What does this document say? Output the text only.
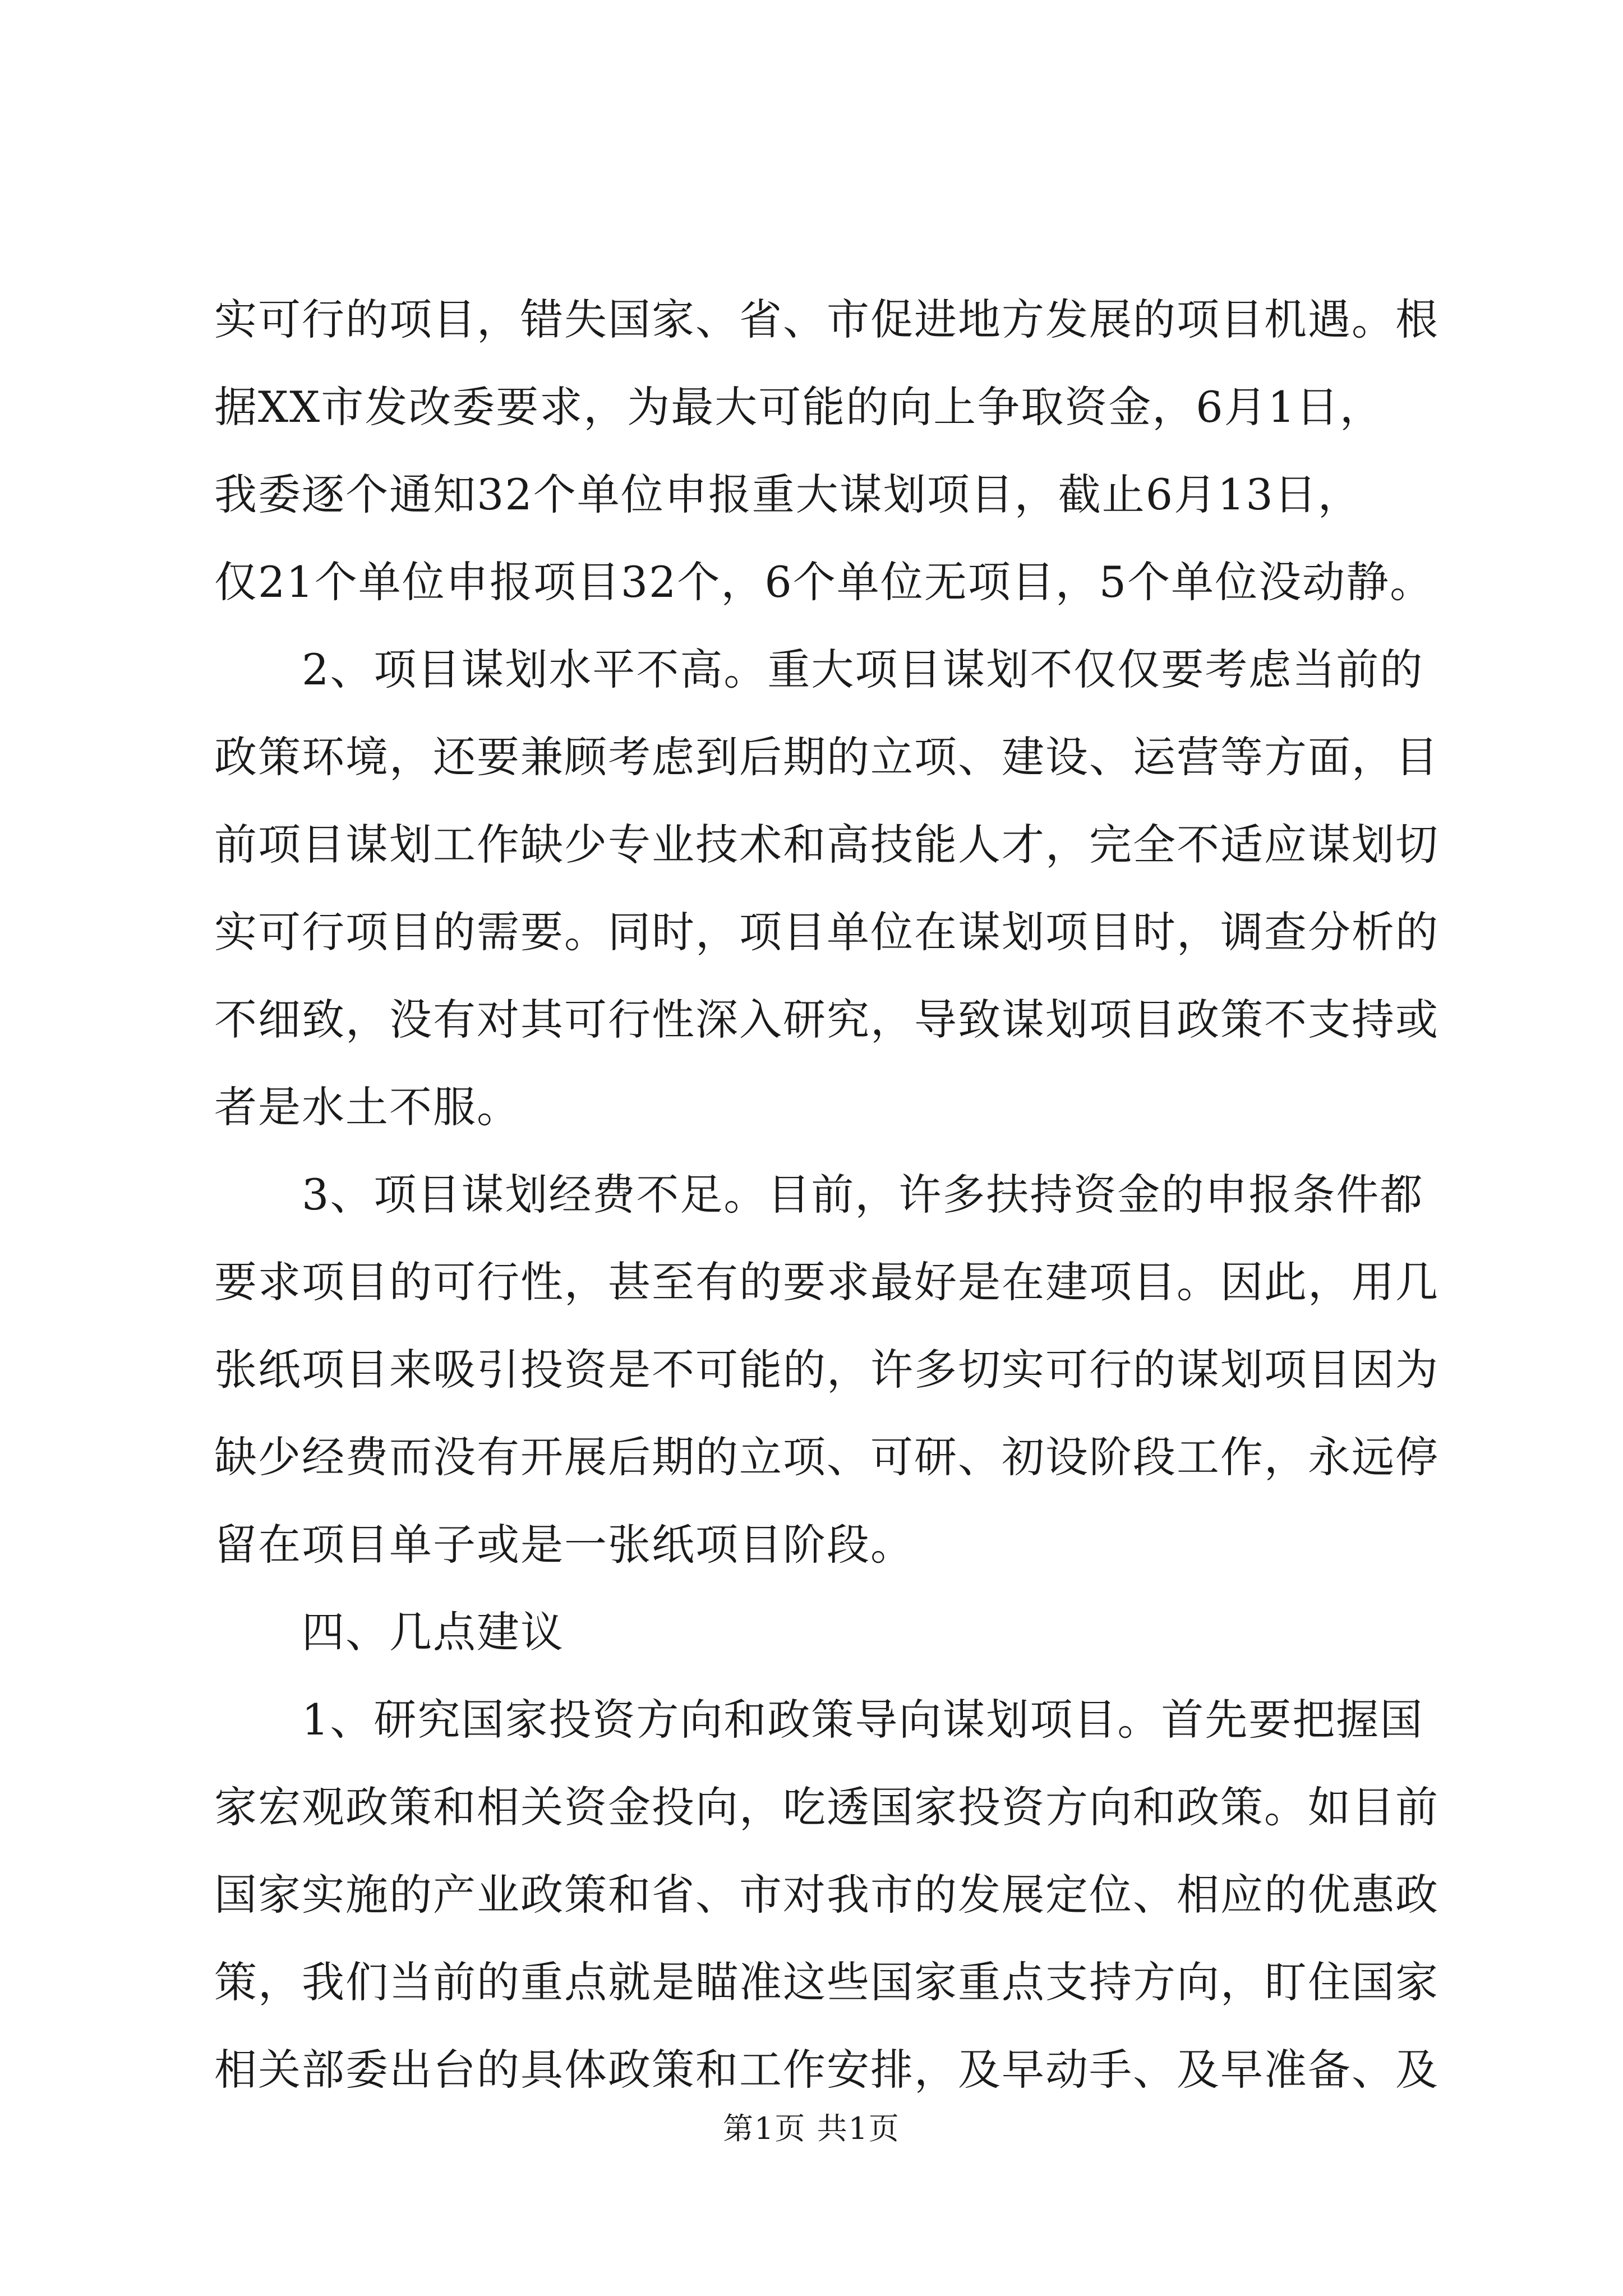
实可行的项目，错失国家、省、市促进地方发展的项目机遇。根
据XX市发改委要求，为最大可能的向上争取资金，6月1日，
我委逐个通知32个单位申报重大谋划项目，截止6月13日，
仅21个单位申报项目32个，6个单位无项目，5个单位没动静。
　　2、项目谋划水平不高。重大项目谋划不仅仅要考虑当前的
政策环境，还要兼顾考虑到后期的立项、建设、运营等方面，目
前项目谋划工作缺少专业技术和高技能人才，完全不适应谋划切
实可行项目的需要。同时，项目单位在谋划项目时，调查分析的
不细致，没有对其可行性深入研究，导致谋划项目政策不支持或
者是水土不服。
　　3、项目谋划经费不足。目前，许多扶持资金的申报条件都
要求项目的可行性，甚至有的要求最好是在建项目。因此，用几
张纸项目来吸引投资是不可能的，许多切实可行的谋划项目因为
缺少经费而没有开展后期的立项、可研、初设阶段工作，永远停
留在项目单子或是一张纸项目阶段。
　　四、几点建议
　　1、研究国家投资方向和政策导向谋划项目。首先要把握国
家宏观政策和相关资金投向，吃透国家投资方向和政策。如目前
国家实施的产业政策和省、市对我市的发展定位、相应的优惠政
策，我们当前的重点就是瞄准这些国家重点支持方向，盯住国家
相关部委出台的具体政策和工作安排，及早动手、及早准备、及
第1页 共1页
